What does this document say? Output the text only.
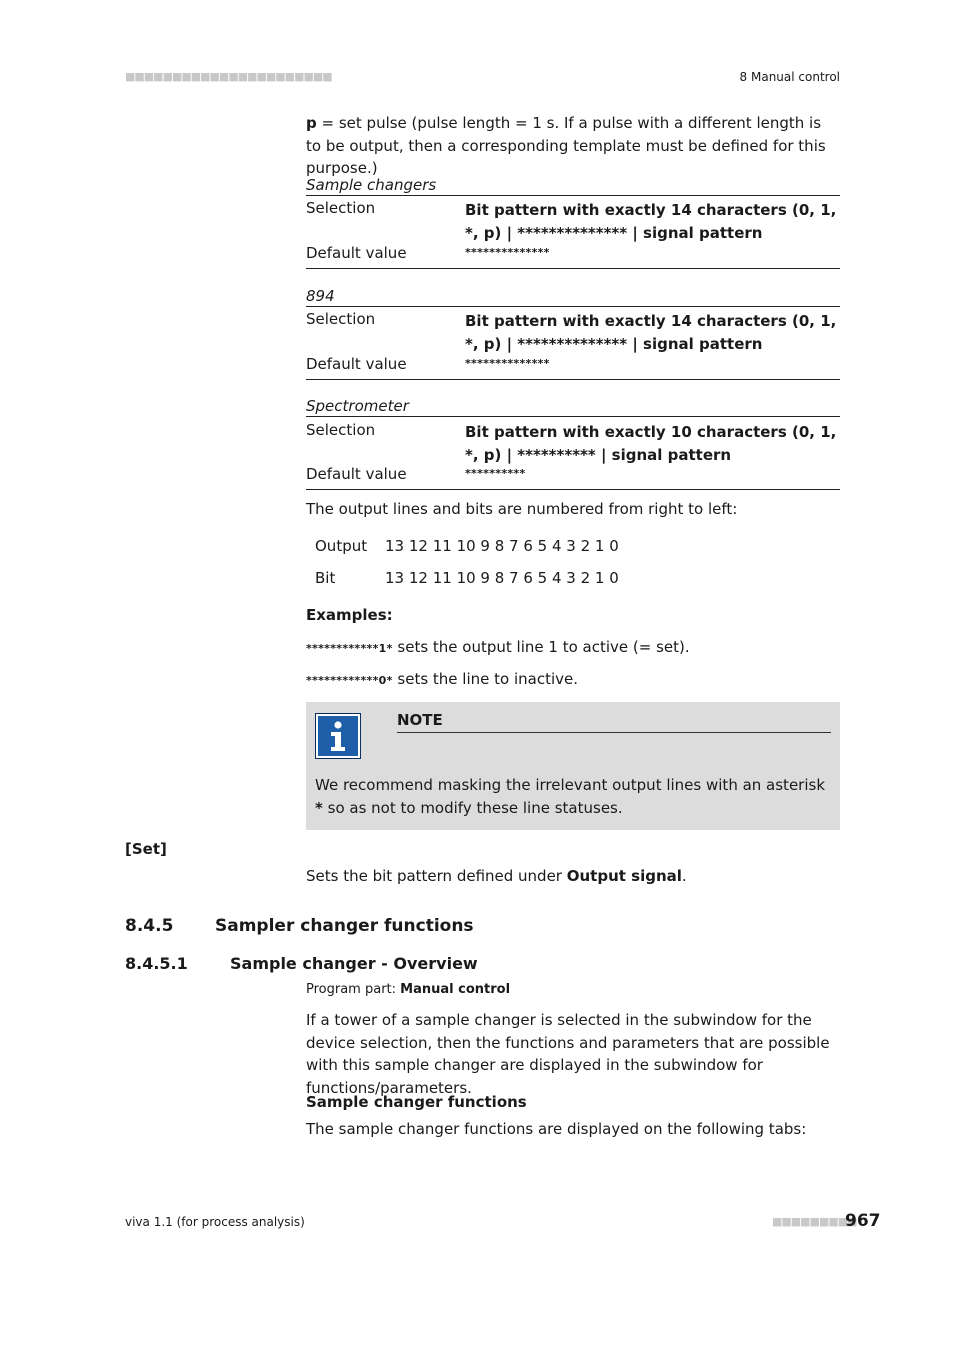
■■■■■■■■■■■■■■■■■■■■■■	8 Manual control
p = set pulse (pulse length = 1 s. If a pulse with a different length is to be output, then a corresponding template must be defined for this purpose.)
Sample changers
Selection	Bit pattern with exactly 14 characters (0, 1, *, p) | ************** | signal pattern
Default value	**************
894
Selection	Bit pattern with exactly 14 characters (0, 1, *, p) | ************** | signal pattern
Default value	**************
Spectrometer
Selection	Bit pattern with exactly 10 characters (0, 1, *, p) | ********** | signal pattern
Default value	**********
The output lines and bits are numbered from right to left:
Output 13 12 11 10 9 8 7 6 5 4 3 2 1 0
Bit	13 12 11 10 9 8 7 6 5 4 3 2 1 0
Examples:
************1* sets the output line 1 to active (= set).
************0* sets the line to inactive.
NOTE
We recommend masking the irrelevant output lines with an asterisk * so as not to modify these line statuses.
[Set]
Sets the bit pattern defined under Output signal.
8.4.5 Sampler changer functions
8.4.5.1	Sample changer - Overview
Program part: Manual control
If a tower of a sample changer is selected in the subwindow for the device selection, then the functions and parameters that are possible with this sample changer are displayed in the subwindow for functions/parameters.
Sample changer functions
The sample changer functions are displayed on the following tabs:
viva 1.1 (for process analysis)	■■■■■■■■■
967
